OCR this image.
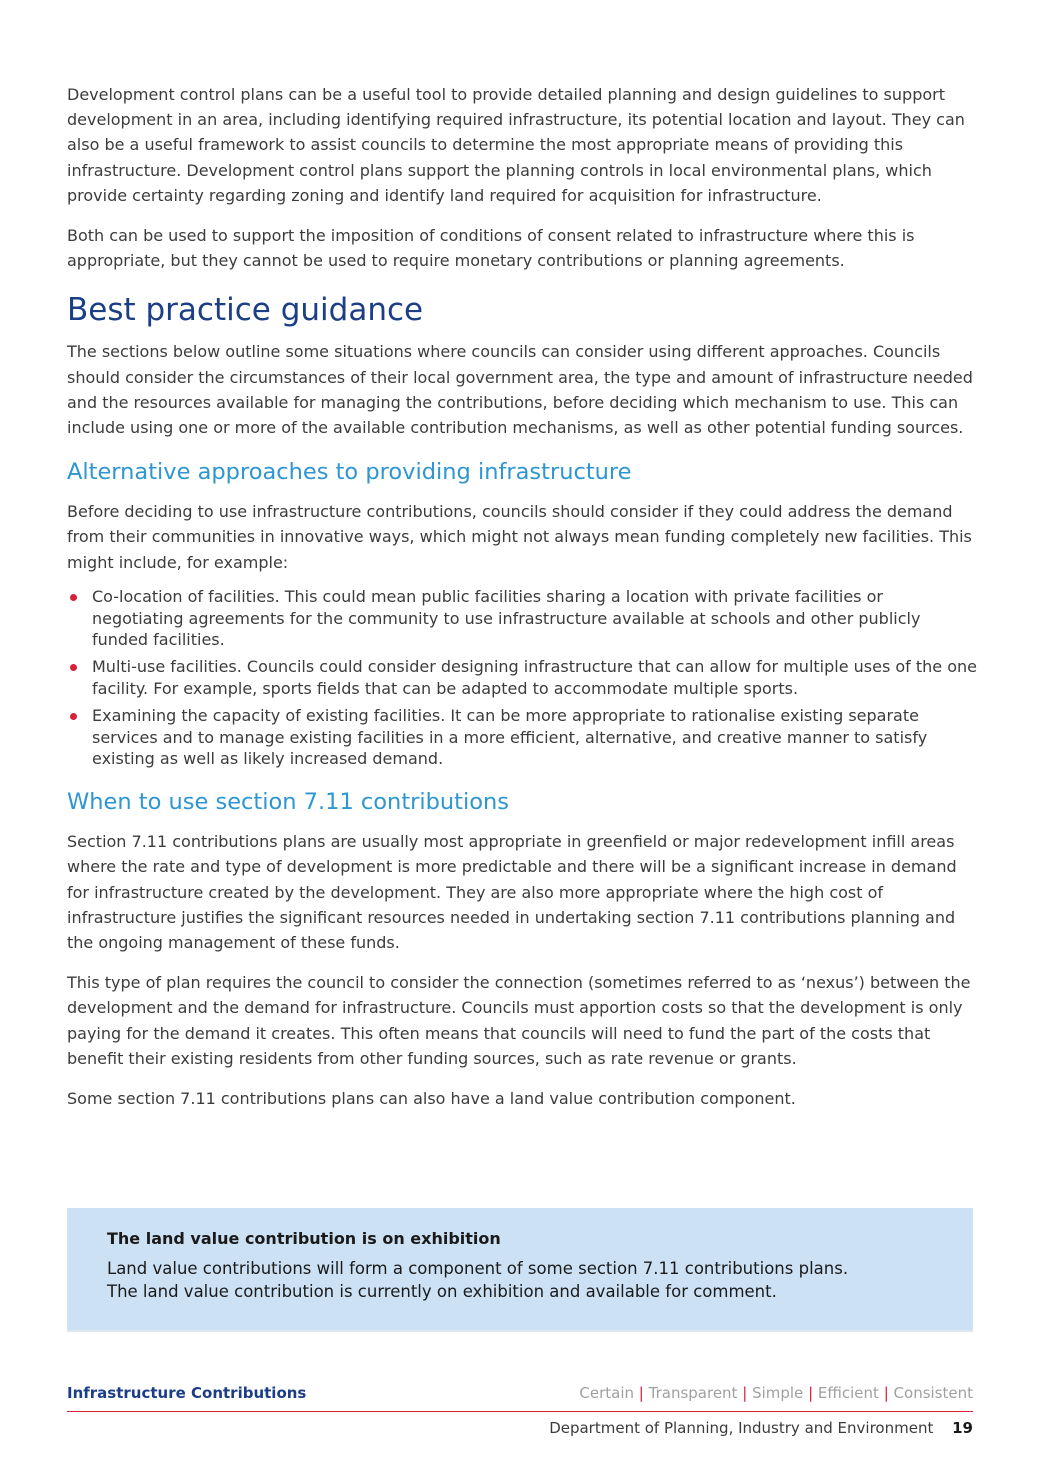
Development control plans can be a useful tool to provide detailed planning and design guidelines to support development in an area, including identifying required infrastructure, its potential location and layout. They can also be a useful framework to assist councils to determine the most appropriate means of providing this infrastructure. Development control plans support the planning controls in local environmental plans, which provide certainty regarding zoning and identify land required for acquisition for infrastructure.

Both can be used to support the imposition of conditions of consent related to infrastructure where this is appropriate, but they cannot be used to require monetary contributions or planning agreements.

Best practice guidance

The sections below outline some situations where councils can consider using different approaches. Councils should consider the circumstances of their local government area, the type and amount of infrastructure needed and the resources available for managing the contributions, before deciding which mechanism to use. This can include using one or more of the available contribution mechanisms, as well as other potential funding sources.

Alternative approaches to providing infrastructure

Before deciding to use infrastructure contributions, councils should consider if they could address the demand from their communities in innovative ways, which might not always mean funding completely new facilities. This might include, for example:

Co-location of facilities. This could mean public facilities sharing a location with private facilities or negotiating agreements for the community to use infrastructure available at schools and other publicly funded facilities.
Multi-use facilities. Councils could consider designing infrastructure that can allow for multiple uses of the one facility. For example, sports fields that can be adapted to accommodate multiple sports.
Examining the capacity of existing facilities. It can be more appropriate to rationalise existing separate services and to manage existing facilities in a more efficient, alternative, and creative manner to satisfy existing as well as likely increased demand.
When to use section 7.11 contributions

Section 7.11 contributions plans are usually most appropriate in greenfield or major redevelopment infill areas where the rate and type of development is more predictable and there will be a significant increase in demand for infrastructure created by the development. They are also more appropriate where the high cost of infrastructure justifies the significant resources needed in undertaking section 7.11 contributions planning and the ongoing management of these funds.

This type of plan requires the council to consider the connection (sometimes referred to as ‘nexus’) between the development and the demand for infrastructure. Councils must apportion costs so that the development is only paying for the demand it creates. This often means that councils will need to fund the part of the costs that benefit their existing residents from other funding sources, such as rate revenue or grants.

Some section 7.11 contributions plans can also have a land value contribution component.

The land value contribution is on exhibition
Land value contributions will form a component of some section 7.11 contributions plans.
The land value contribution is currently on exhibition and available for comment.
Infrastructure Contributions	Certain | Transparent | Simple | Efficient | Consistent
Department of Planning, Industry and Environment 19
